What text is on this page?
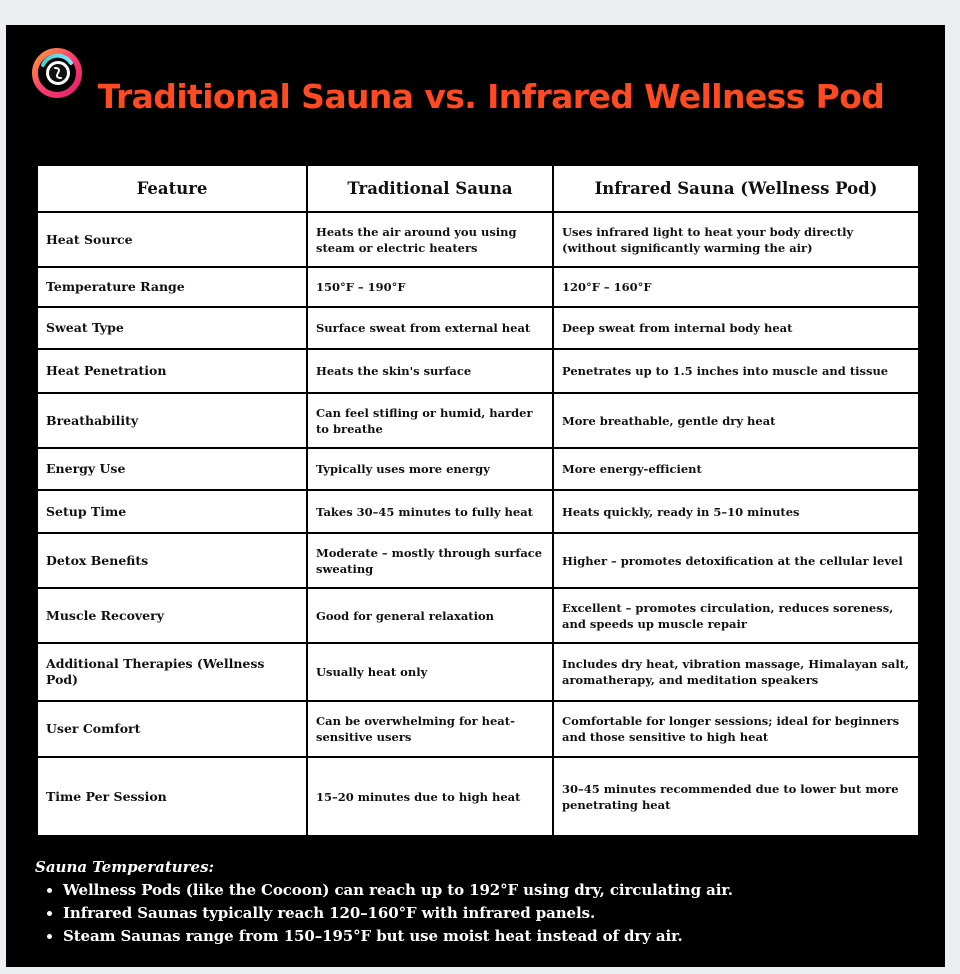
Traditional Sauna vs. Infrared Wellness Pod
Feature	Traditional Sauna	Infrared Sauna (Wellness Pod)
Heat Source	Heats the air around you using steam or electric heaters	Uses infrared light to heat your body directly (without significantly warming the air)
Temperature Range	150°F – 190°F	120°F – 160°F
Sweat Type	Surface sweat from external heat	Deep sweat from internal body heat
Heat Penetration	Heats the skin's surface	Penetrates up to 1.5 inches into muscle and tissue
Breathability	Can feel stifling or humid, harder to breathe	More breathable, gentle dry heat
Energy Use	Typically uses more energy	More energy-efficient
Setup Time	Takes 30–45 minutes to fully heat	Heats quickly, ready in 5–10 minutes
Detox Benefits	Moderate – mostly through surface sweating	Higher – promotes detoxification at the cellular level
Muscle Recovery	Good for general relaxation	Excellent – promotes circulation, reduces soreness, and speeds up muscle repair
Additional Therapies (Wellness Pod)	Usually heat only	Includes dry heat, vibration massage, Himalayan salt, aromatherapy, and meditation speakers
User Comfort	Can be overwhelming for heat-sensitive users	Comfortable for longer sessions; ideal for beginners and those sensitive to high heat
Time Per Session	15–20 minutes due to high heat	30–45 minutes recommended due to lower but more penetrating heat

Sauna Temperatures:

• Wellness Pods (like the Cocoon) can reach up to 192°F using dry, circulating air.
• Infrared Saunas typically reach 120–160°F with infrared panels.
• Steam Saunas range from 150–195°F but use moist heat instead of dry air.
